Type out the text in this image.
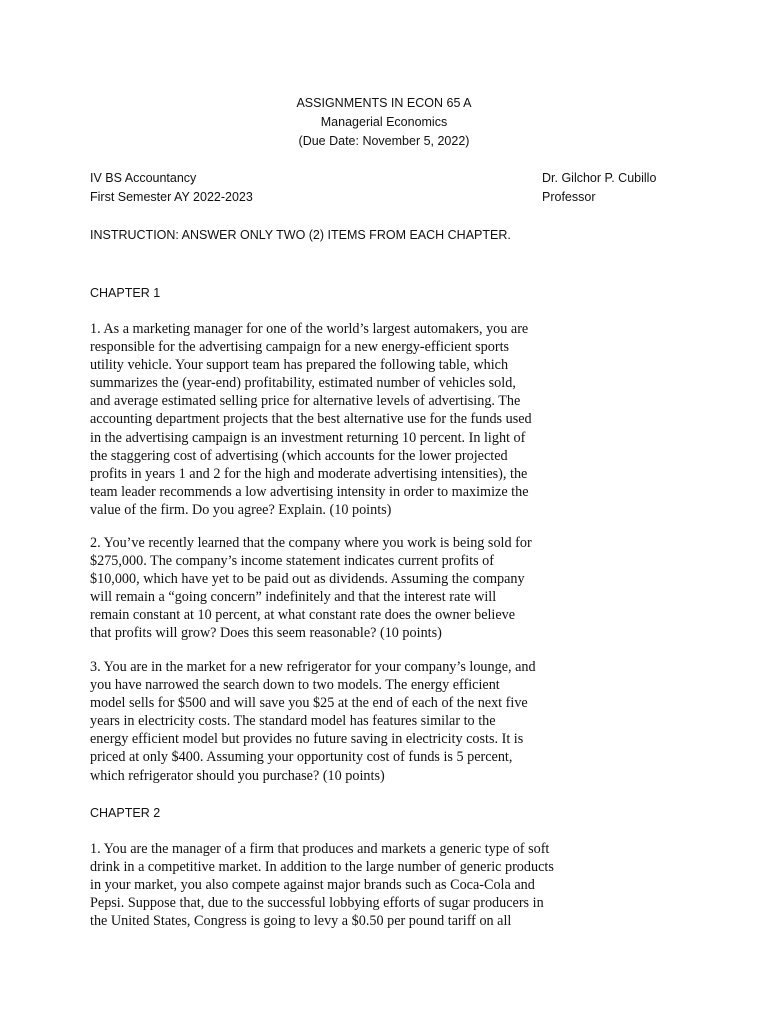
ASSIGNMENTS IN ECON 65 A
Managerial Economics
(Due Date: November 5, 2022)
IV BS Accountancy
First Semester AY 2022-2023
Dr. Gilchor P. Cubillo
Professor
INSTRUCTION: ANSWER ONLY TWO (2) ITEMS FROM EACH CHAPTER.
CHAPTER 1
1. As a marketing manager for one of the world’s largest automakers, you are
responsible for the advertising campaign for a new energy-efficient sports
utility vehicle. Your support team has prepared the following table, which
summarizes the (year-end) profitability, estimated number of vehicles sold,
and average estimated selling price for alternative levels of advertising. The
accounting department projects that the best alternative use for the funds used
in the advertising campaign is an investment returning 10 percent. In light of
the staggering cost of advertising (which accounts for the lower projected
profits in years 1 and 2 for the high and moderate advertising intensities), the
team leader recommends a low advertising intensity in order to maximize the
value of the firm. Do you agree? Explain. (10 points)
2. You’ve recently learned that the company where you work is being sold for
$275,000. The company’s income statement indicates current profits of
$10,000, which have yet to be paid out as dividends. Assuming the company
will remain a “going concern” indefinitely and that the interest rate will
remain constant at 10 percent, at what constant rate does the owner believe
that profits will grow? Does this seem reasonable? (10 points)
3. You are in the market for a new refrigerator for your company’s lounge, and
you have narrowed the search down to two models. The energy efficient
model sells for $500 and will save you $25 at the end of each of the next five
years in electricity costs. The standard model has features similar to the
energy efficient model but provides no future saving in electricity costs. It is
priced at only $400. Assuming your opportunity cost of funds is 5 percent,
which refrigerator should you purchase? (10 points)
CHAPTER 2
1. You are the manager of a firm that produces and markets a generic type of soft
drink in a competitive market. In addition to the large number of generic products
in your market, you also compete against major brands such as Coca-Cola and
Pepsi. Suppose that, due to the successful lobbying efforts of sugar producers in
the United States, Congress is going to levy a $0.50 per pound tariff on all
